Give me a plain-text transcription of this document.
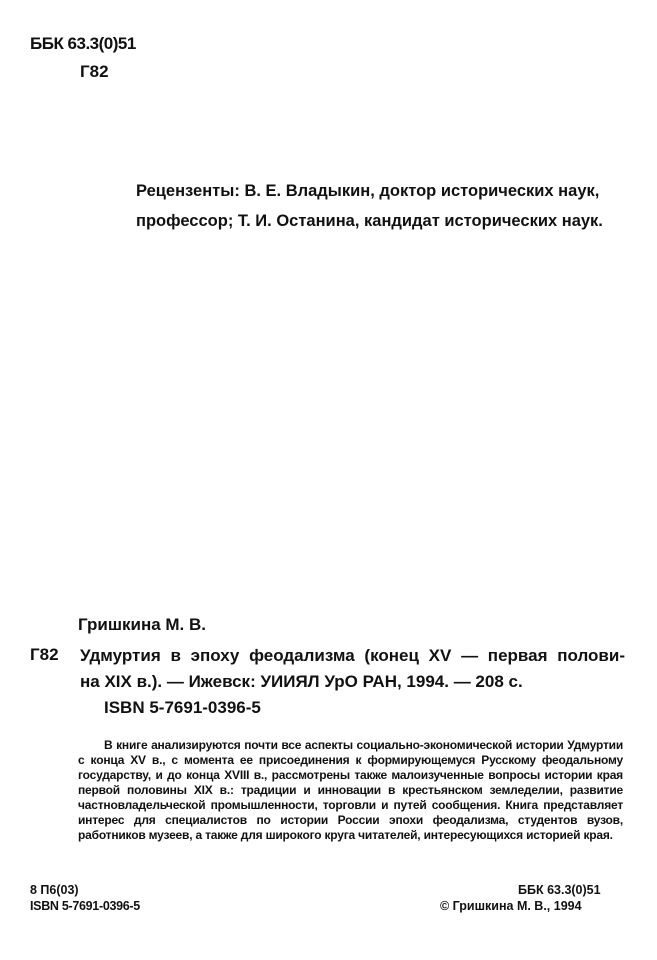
ББК 63.3(0)51
Г82
Рецензенты: В. Е. Владыкин, доктор исторических наук,
профессор; Т. И. Останина, кандидат исторических наук.
Гришкина М. В.
Г82 Удмуртия в эпоху феодализма (конец XV — первая полови-
на XIX в.). — Ижевск: УИИЯЛ УрО РАН, 1994. — 208 с.
ISBN 5-7691-0396-5
В книге анализируются почти все аспекты социально-экономической истории Удмуртии с конца XV в., с момента ее присоединения к формирующемуся Русскому феодальному государству, и до конца XVIII в., рассмотрены также малоизученные вопросы истории края первой половины XIX в.: традиции и инновации в крестьянском земледелии, развитие частновладельческой промышленности, торговли и путей сообщения. Книга представляет интерес для специалистов по истории России эпохи феодализма, студентов вузов, работников музеев, а также для широкого круга читателей, интересующихся историей края.
8 П6(03)
ISBN 5-7691-0396-5
ББК 63.3(0)51
© Гришкина М. В., 1994
